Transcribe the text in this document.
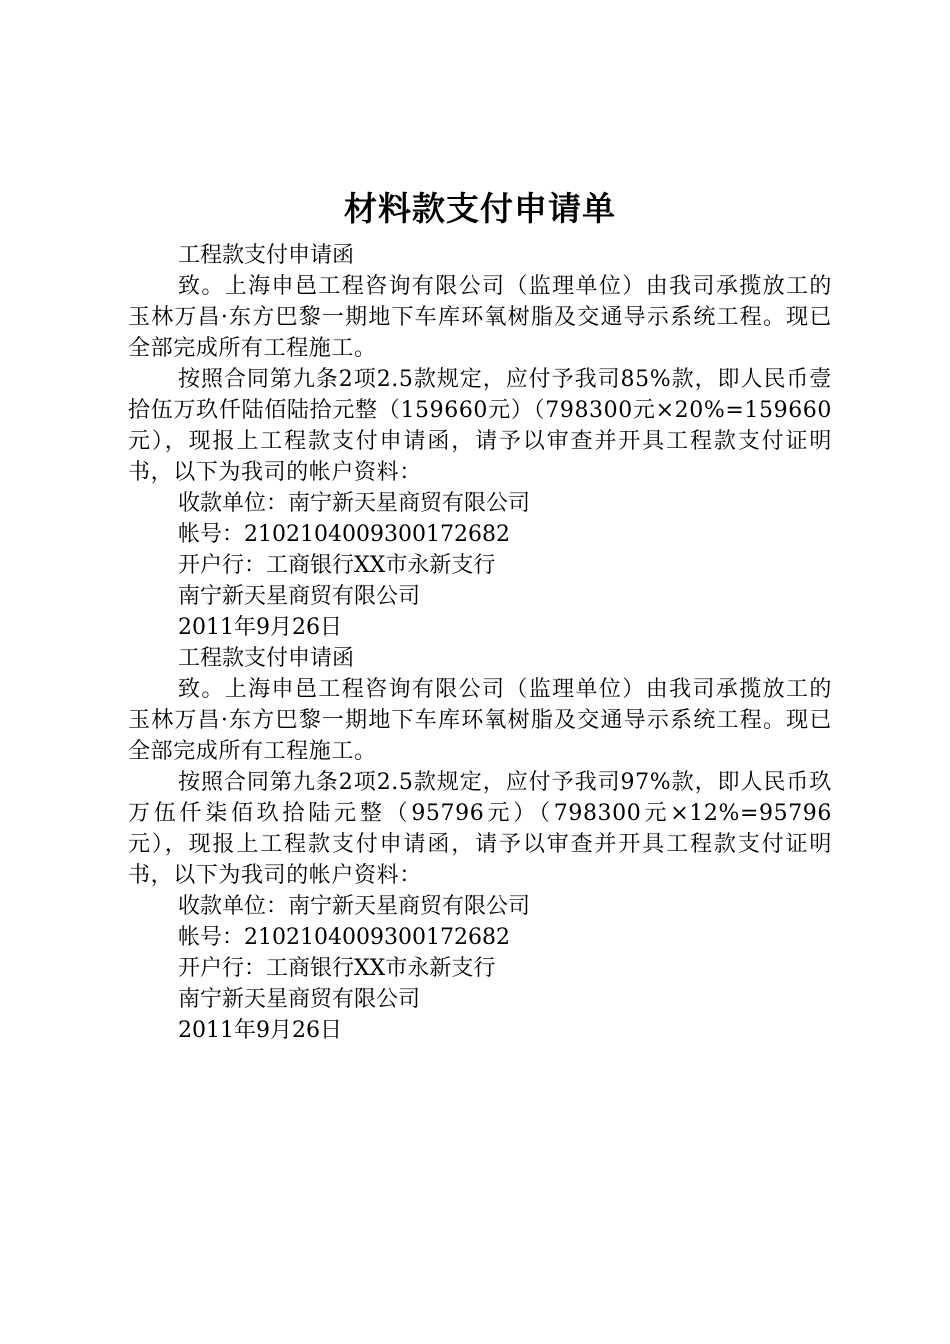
材料款支付申请单

工程款支付申请函

致。上海申邑工程咨询有限公司（监理单位）由我司承揽放工的玉林万昌·东方巴黎一期地下车库环氧树脂及交通导示系统工程。现已全部完成所有工程施工。

按照合同第九条2项2.5款规定，应付予我司85%款，即人民币壹拾伍万玖仟陆佰陆拾元整（159660元）（798300元×20%=159660元），现报上工程款支付申请函，请予以审查并开具工程款支付证明书，以下为我司的帐户资料：

收款单位：南宁新天星商贸有限公司

帐号：2102104009300172682

开户行：工商银行XX市永新支行

南宁新天星商贸有限公司

2011年9月26日

工程款支付申请函

致。上海申邑工程咨询有限公司（监理单位）由我司承揽放工的玉林万昌·东方巴黎一期地下车库环氧树脂及交通导示系统工程。现已全部完成所有工程施工。

按照合同第九条2项2.5款规定，应付予我司97%款，即人民币玖万伍仟柒佰玖拾陆元整（95796元）（798300元×12%=95796元），现报上工程款支付申请函，请予以审查并开具工程款支付证明书，以下为我司的帐户资料：

收款单位：南宁新天星商贸有限公司

帐号：2102104009300172682

开户行：工商银行XX市永新支行

南宁新天星商贸有限公司

2011年9月26日
